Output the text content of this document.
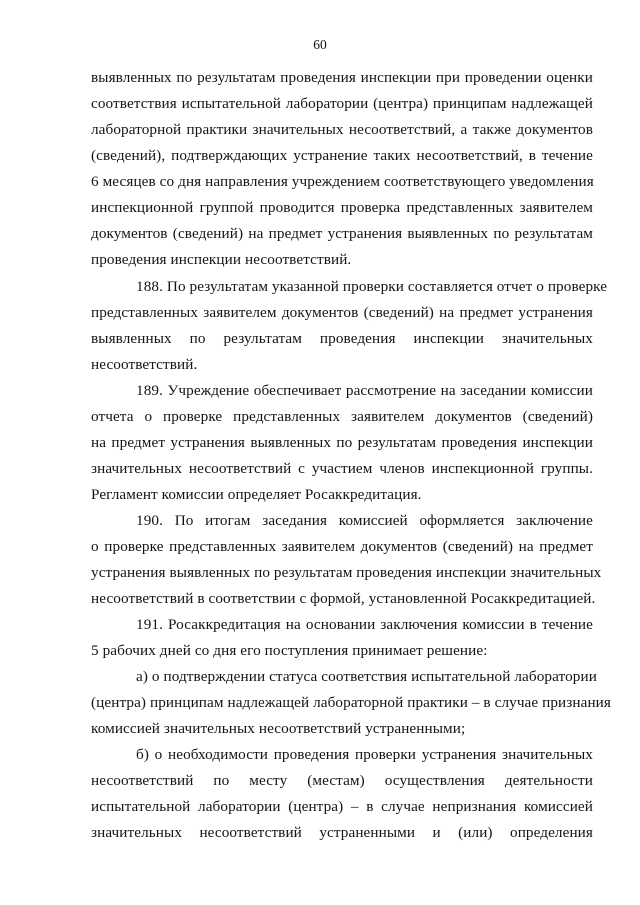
60
выявленных по результатам проведения инспекции при проведении оценки
соответствия испытательной лаборатории (центра) принципам надлежащей
лабораторной практики значительных несоответствий, а также документов
(сведений), подтверждающих устранение таких несоответствий, в течение
6 месяцев со дня направления учреждением соответствующего уведомления
инспекционной группой проводится проверка представленных заявителем
документов (сведений) на предмет устранения выявленных по результатам
проведения инспекции несоответствий.
188. По результатам указанной проверки составляется отчет о проверке
представленных заявителем документов (сведений) на предмет устранения
выявленных по результатам проведения инспекции значительных
несоответствий.
189. Учреждение обеспечивает рассмотрение на заседании комиссии
отчета о проверке представленных заявителем документов (сведений)
на предмет устранения выявленных по результатам проведения инспекции
значительных несоответствий с участием членов инспекционной группы.
Регламент комиссии определяет Росаккредитация.
190. По итогам заседания комиссией оформляется заключение
о проверке представленных заявителем документов (сведений) на предмет
устранения выявленных по результатам проведения инспекции значительных
несоответствий в соответствии с формой, установленной Росаккредитацией.
191. Росаккредитация на основании заключения комиссии в течение
5 рабочих дней со дня его поступления принимает решение:
а) о подтверждении статуса соответствия испытательной лаборатории
(центра) принципам надлежащей лабораторной практики – в случае признания
комиссией значительных несоответствий устраненными;
б) о необходимости проведения проверки устранения значительных
несоответствий по месту (местам) осуществления деятельности
испытательной лаборатории (центра) – в случае непризнания комиссией
значительных несоответствий устраненными и (или) определения
